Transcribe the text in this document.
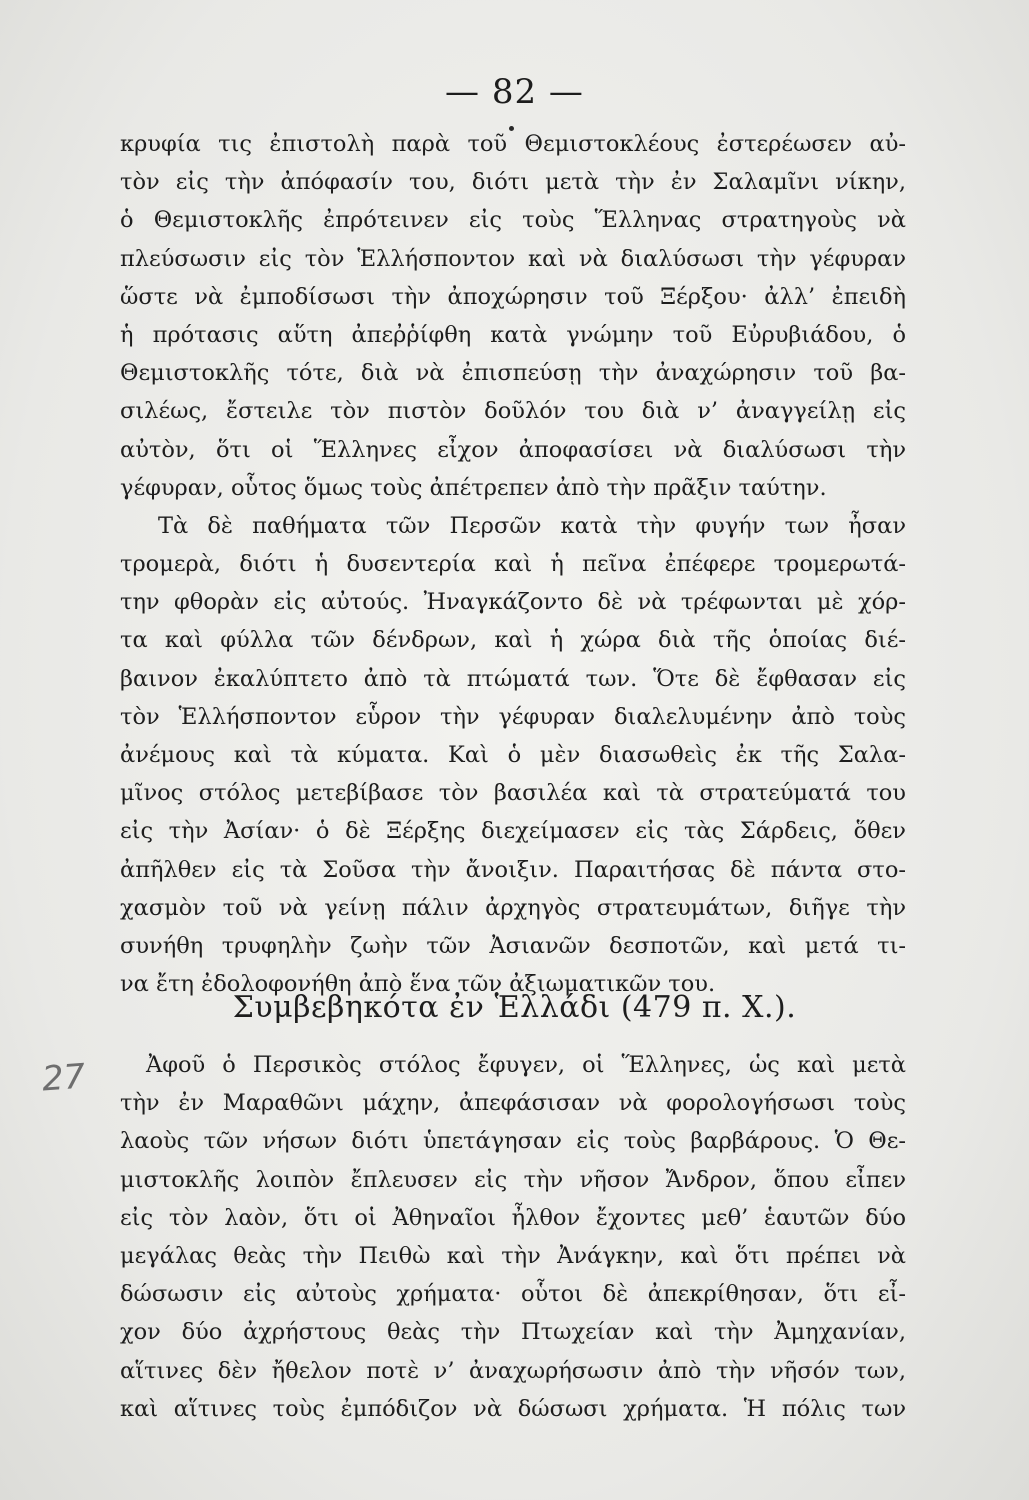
— 82 —
κρυφία τις ἐπιστολὴ παρὰ τοῦ Θεμιστοκλέους ἐστερέωσεν αὐ-
τὸν εἰς τὴν ἀπόφασίν του, διότι μετὰ τὴν ἐν Σαλαμῖνι νίκην,
ὁ Θεμιστοκλῆς ἐπρότεινεν εἰς τοὺς Ἕλληνας στρατηγοὺς νὰ
πλεύσωσιν εἰς τὸν Ἑλλήσποντον καὶ νὰ διαλύσωσι τὴν γέφυραν
ὥστε νὰ ἐμποδίσωσι τὴν ἀποχώρησιν τοῦ Ξέρξου· ἀλλ’ ἐπειδὴ
ἡ πρότασις αὕτη ἀπεῤῥίφθη κατὰ γνώμην τοῦ Εὐρυβιάδου, ὁ
Θεμιστοκλῆς τότε, διὰ νὰ ἐπισπεύσῃ τὴν ἀναχώρησιν τοῦ βα-
σιλέως, ἔστειλε τὸν πιστὸν δοῦλόν του διὰ ν’ ἀναγγείλῃ εἰς
αὐτὸν, ὅτι οἱ Ἕλληνες εἶχον ἀποφασίσει νὰ διαλύσωσι τὴν
γέφυραν, οὗτος ὅμως τοὺς ἀπέτρεπεν ἀπὸ τὴν πρᾶξιν ταύτην.
Τὰ δὲ παθήματα τῶν Περσῶν κατὰ τὴν φυγήν των ἦσαν
τρομερὰ, διότι ἡ δυσεντερία καὶ ἡ πεῖνα ἐπέφερε τρομερωτά-
την φθορὰν εἰς αὐτούς. Ἠναγκάζοντο δὲ νὰ τρέφωνται μὲ χόρ-
τα καὶ φύλλα τῶν δένδρων, καὶ ἡ χώρα διὰ τῆς ὁποίας διέ-
βαινον ἐκαλύπτετο ἀπὸ τὰ πτώματά των. Ὅτε δὲ ἔφθασαν εἰς
τὸν Ἑλλήσποντον εὗρον τὴν γέφυραν διαλελυμένην ἀπὸ τοὺς
ἀνέμους καὶ τὰ κύματα. Καὶ ὁ μὲν διασωθεὶς ἐκ τῆς Σαλα-
μῖνος στόλος μετεβίβασε τὸν βασιλέα καὶ τὰ στρατεύματά του
εἰς τὴν Ἀσίαν· ὁ δὲ Ξέρξης διεχείμασεν εἰς τὰς Σάρδεις, ὅθεν
ἀπῆλθεν εἰς τὰ Σοῦσα τὴν ἄνοιξιν. Παραιτήσας δὲ πάντα στο-
χασμὸν τοῦ νὰ γείνῃ πάλιν ἀρχηγὸς στρατευμάτων, διῆγε τὴν
συνήθη τρυφηλὴν ζωὴν τῶν Ἀσιανῶν δεσποτῶν, καὶ μετά τι-
να ἔτη ἐδολοφονήθη ἀπὸ ἕνα τῶν ἀξιωματικῶν του.
Συμβεβηκότα ἐν Ἑλλάδι (479 π. Χ.).
27	Ἀφοῦ ὁ Περσικὸς στόλος ἔφυγεν, οἱ Ἕλληνες, ὡς καὶ μετὰ
τὴν ἐν Μαραθῶνι μάχην, ἀπεφάσισαν νὰ φορολογήσωσι τοὺς
λαοὺς τῶν νήσων διότι ὑπετάγησαν εἰς τοὺς βαρβάρους. Ὁ Θε-
μιστοκλῆς λοιπὸν ἔπλευσεν εἰς τὴν νῆσον Ἄνδρον, ὅπου εἶπεν
εἰς τὸν λαὸν, ὅτι οἱ Ἀθηναῖοι ἦλθον ἔχοντες μεθ’ ἑαυτῶν δύο
μεγάλας θεὰς τὴν Πειθὼ καὶ τὴν Ἀνάγκην, καὶ ὅτι πρέπει νὰ
δώσωσιν εἰς αὐτοὺς χρήματα· οὗτοι δὲ ἀπεκρίθησαν, ὅτι εἶ-
χον δύο ἀχρήστους θεὰς τὴν Πτωχείαν καὶ τὴν Ἀμηχανίαν,
αἵτινες δὲν ἤθελον ποτὲ ν’ ἀναχωρήσωσιν ἀπὸ τὴν νῆσόν των,
καὶ αἵτινες τοὺς ἐμπόδιζον νὰ δώσωσι χρήματα. Ἡ πόλις των
